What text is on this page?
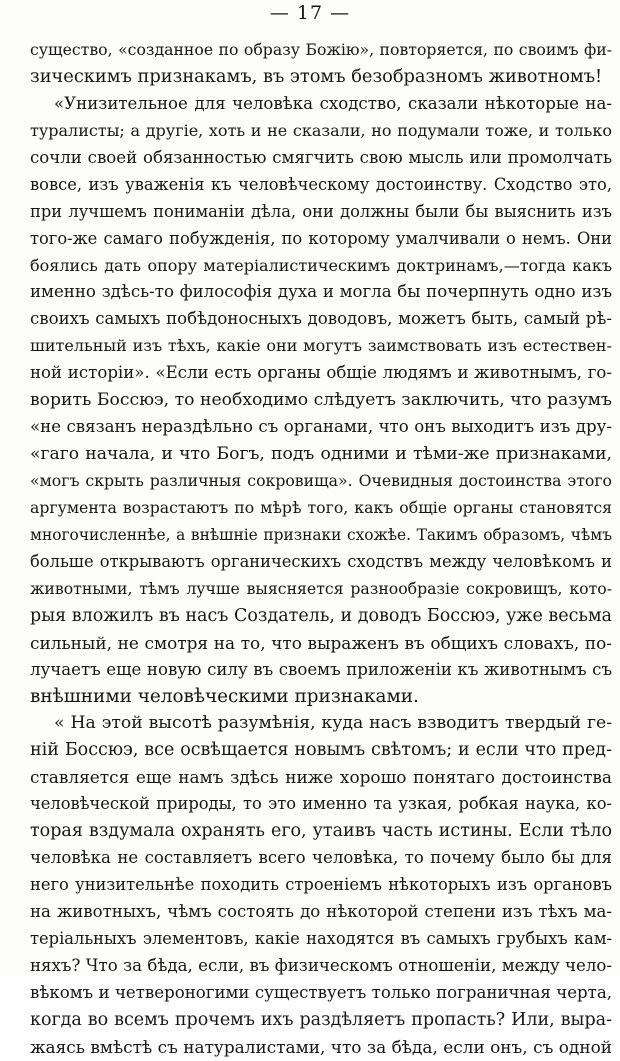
— 17 —
существо, «созданное по образу Божію», повторяется, по своимъ фи-
зическимъ признакамъ, въ этомъ безобразномъ животномъ!
«Унизительное для человѣка сходство, сказали нѣкоторые на-
туралисты; а другіе, хоть и не сказали, но подумали тоже, и только
сочли своей обязанностью смягчить свою мысль или промолчать
вовсе, изъ уваженія къ человѣческому достоинству. Сходство это,
при лучшемъ пониманіи дѣла, они должны были бы выяснить изъ
того-же самаго побужденія, по которому умалчивали о немъ. Они
боялись дать опору матеріалистическимъ доктринамъ,—тогда какъ
именно здѣсь-то философія духа и могла бы почерпнуть одно изъ
своихъ самыхъ побѣдоносныхъ доводовъ, можетъ быть, самый рѣ-
шительный изъ тѣхъ, какіе они могутъ заимствовать изъ естествен-
ной исторіи». «Если есть органы общіе людямъ и животнымъ, го-
ворить Боссюэ, то необходимо слѣдуетъ заключить, что разумъ
«не связанъ нераздѣльно съ органами, что онъ выходитъ изъ дру-
«гаго начала, и что Богъ, подъ одними и тѣми-же признаками,
«могъ скрыть различныя сокровища». Очевидныя достоинства этого
аргумента возрастаютъ по мѣрѣ того, какъ общіе органы становятся
многочисленнѣе, а внѣшніе признаки схожѣе. Такимъ образомъ, чѣмъ
больше открываютъ органическихъ сходствъ между человѣкомъ и
животными, тѣмъ лучше выясняется разнообразіе сокровищъ, кото-
рыя вложилъ въ насъ Создатель, и доводъ Боссюэ, уже весьма
сильный, не смотря на то, что выраженъ въ общихъ словахъ, по-
лучаетъ еще новую силу въ своемъ приложеніи къ животнымъ съ
внѣшними человѣческими признаками.
« На этой высотѣ разумѣнія, куда насъ взводитъ твердый ге-
ній Боссюэ, все освѣщается новымъ свѣтомъ; и если что пред-
ставляется еще намъ здѣсь ниже хорошо понятаго достоинства
человѣческой природы, то это именно та узкая, робкая наука, ко-
торая вздумала охранять его, утаивъ часть истины. Если тѣло
человѣка не составляетъ всего человѣка, то почему было бы для
него унизительнѣе походить строеніемъ нѣкоторыхъ изъ органовъ
на животныхъ, чѣмъ состоять до нѣкоторой степени изъ тѣхъ ма-
теріальныхъ элементовъ, какіе находятся въ самыхъ грубыхъ кам-
няхъ? Что за бѣда, если, въ физическомъ отношеніи, между чело-
вѣкомъ и четвероногими существуетъ только пограничная черта,
когда во всемъ прочемъ ихъ раздѣляетъ пропасть? Или, выра-
жаясь вмѣстѣ съ натуралистами, что за бѣда, если онъ, съ одной
